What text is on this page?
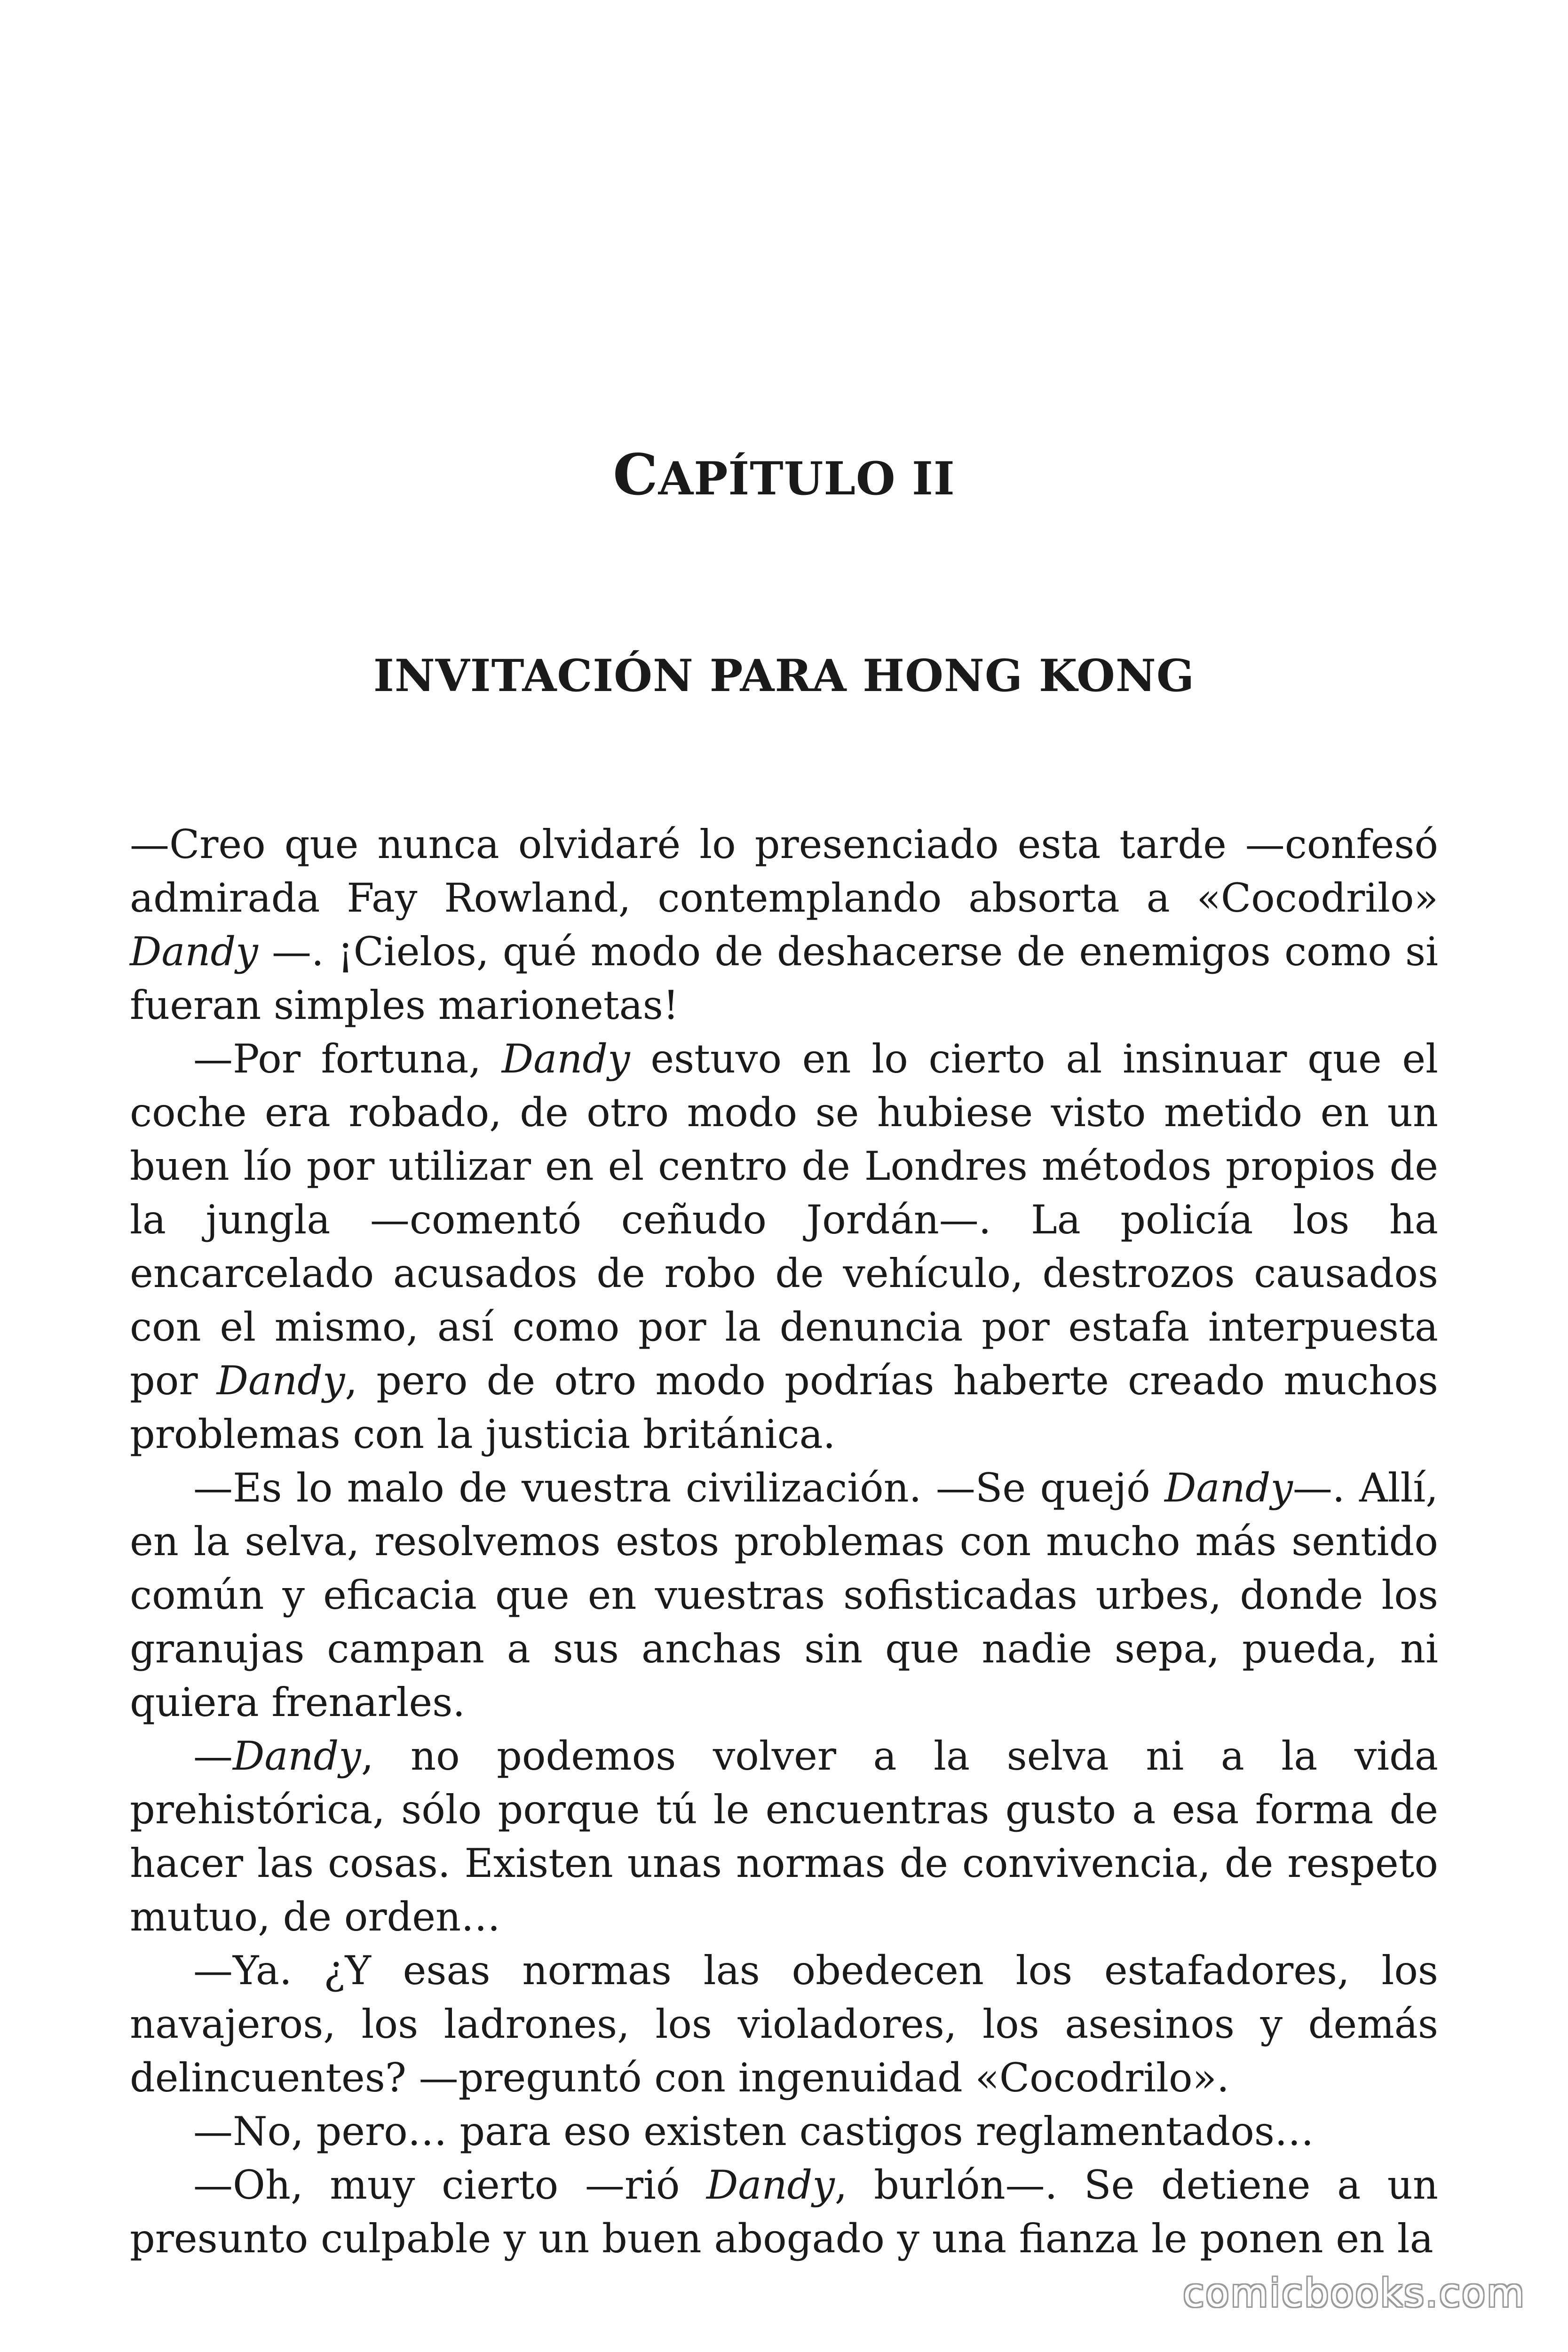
CAPÍTULO II
INVITACIÓN PARA HONG KONG

—Creo que nunca olvidaré lo presenciado esta tarde —confesó admirada Fay Rowland, contemplando absorta a «Cocodrilo» Dandy —. ¡Cielos, qué modo de deshacerse de enemigos como si fueran simples marionetas!

—Por fortuna, Dandy estuvo en lo cierto al insinuar que el coche era robado, de otro modo se hubiese visto metido en un buen lío por utilizar en el centro de Londres métodos propios de la jungla —comentó ceñudo Jordán—. La policía los ha encarcelado acusados de robo de vehículo, destrozos causados con el mismo, así como por la denuncia por estafa interpuesta por Dandy, pero de otro modo podrías haberte creado muchos problemas con la justicia británica.

—Es lo malo de vuestra civilización. —Se quejó Dandy—. Allí, en la selva, resolvemos estos problemas con mucho más sentido común y eficacia que en vuestras sofisticadas urbes, donde los granujas campan a sus anchas sin que nadie sepa, pueda, ni quiera frenarles.

—Dandy, no podemos volver a la selva ni a la vida prehistórica, sólo porque tú le encuentras gusto a esa forma de hacer las cosas. Existen unas normas de convivencia, de respeto mutuo, de orden…

—Ya. ¿Y esas normas las obedecen los estafadores, los navajeros, los ladrones, los violadores, los asesinos y demás delincuentes? —preguntó con ingenuidad «Cocodrilo».

—No, pero… para eso existen castigos reglamentados…

—Oh, muy cierto —rió Dandy, burlón—. Se detiene a un presunto culpable y un buen abogado y una fianza le ponen en la

comicbooks.com
